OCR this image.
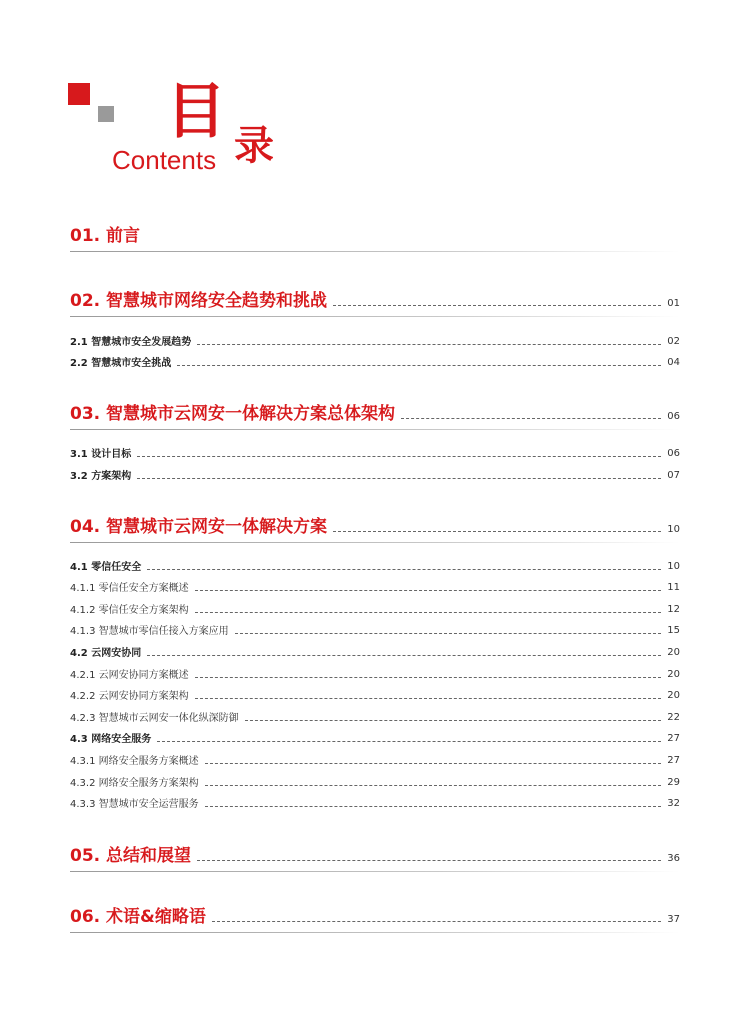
目 录
Contents
01. 前言
02. 智慧城市网络安全趋势和挑战	01
2.1 智慧城市安全发展趋势	02
2.2 智慧城市安全挑战	04
03. 智慧城市云网安一体解决方案总体架构	06
3.1 设计目标	06
3.2 方案架构	07
04. 智慧城市云网安一体解决方案	10
4.1 零信任安全	10
4.1.1 零信任安全方案概述	11
4.1.2 零信任安全方案架构	12
4.1.3 智慧城市零信任接入方案应用	15
4.2 云网安协同	20
4.2.1 云网安协同方案概述	20
4.2.2 云网安协同方案架构	20
4.2.3 智慧城市云网安一体化纵深防御	22
4.3 网络安全服务	27
4.3.1 网络安全服务方案概述	27
4.3.2 网络安全服务方案架构	29
4.3.3 智慧城市安全运营服务	32
05. 总结和展望	36
06. 术语&缩略语	37
